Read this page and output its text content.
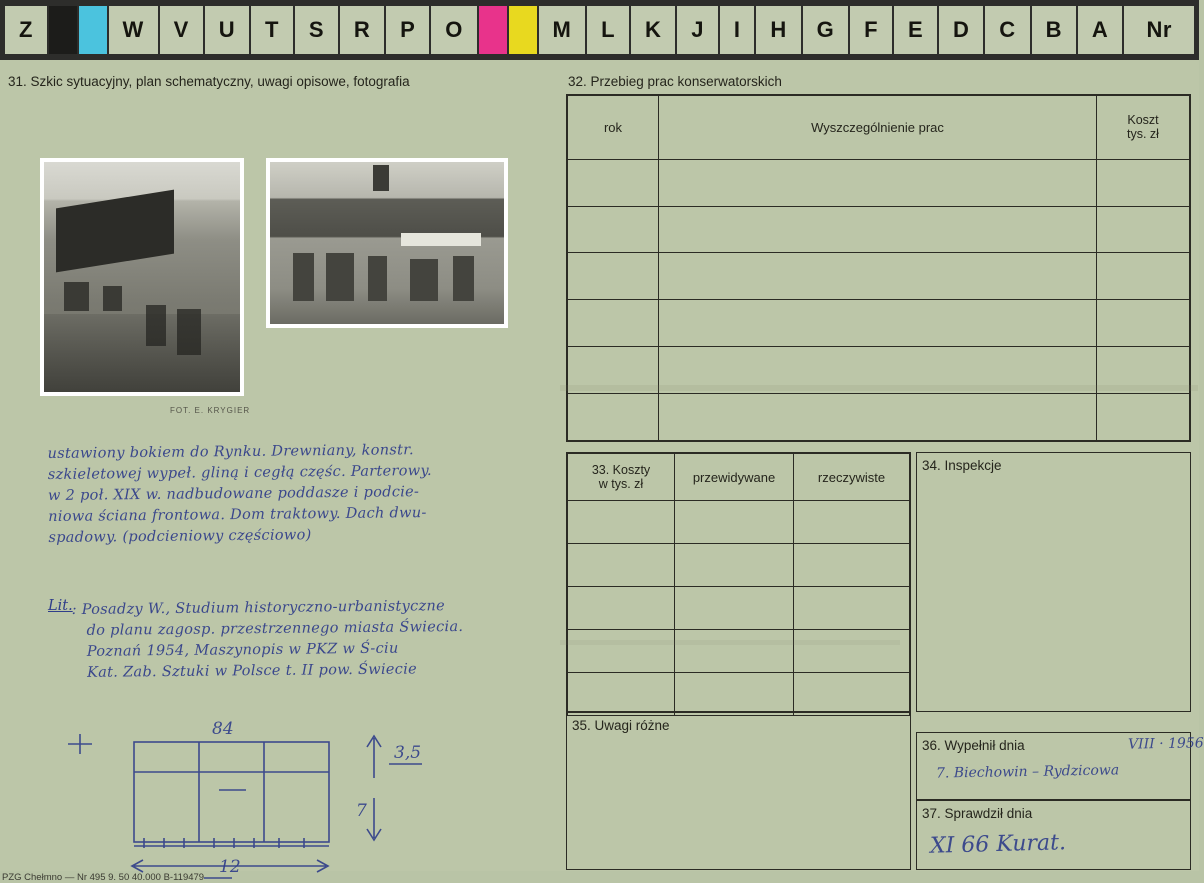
Z	W	V	U	T	S	R	P	O	M	L	K	J	I	H	G	F	E	D	C	B	A	Nr
31. Szkic sytuacyjny, plan schematyczny, uwagi opisowe, fotografia
FOT. E. KRYGIER
ustawiony bokiem do Rynku. Drewniany, konstr.
szkieletowej wypeł. gliną i cegłą częśc. Parterowy.
w 2 poł. XIX w. nadbudowane poddasze i podcie-
niowa ściana frontowa. Dom traktowy. Dach dwu-
spadowy. (podcieniowy częściowo)
Lit.
: Posadzy W., Studium historyczno-urbanistyczne
do planu zagosp. przestrzennego miasta Świecia.
Poznań 1954, Maszynopis w PKZ w Ś-ciu
Kat. Zab. Sztuki w Polsce t. II pow. Świecie
84
3,5
7
12
PZG Chełmno — Nr 495 9. 50 40.000 B-119479
32. Przebieg prac konserwatorskich
rok	Wyszczególnienie prac	Koszt
tys. zł

33. Koszty
w tys. zł	przewidywane	rzeczywiste

34. Inspekcje
35. Uwagi różne
36. Wypełnił dnia	VIII · 1956
7. Biechowin – Rydzicowa
37. Sprawdził dnia
XI 66 Kurat.
